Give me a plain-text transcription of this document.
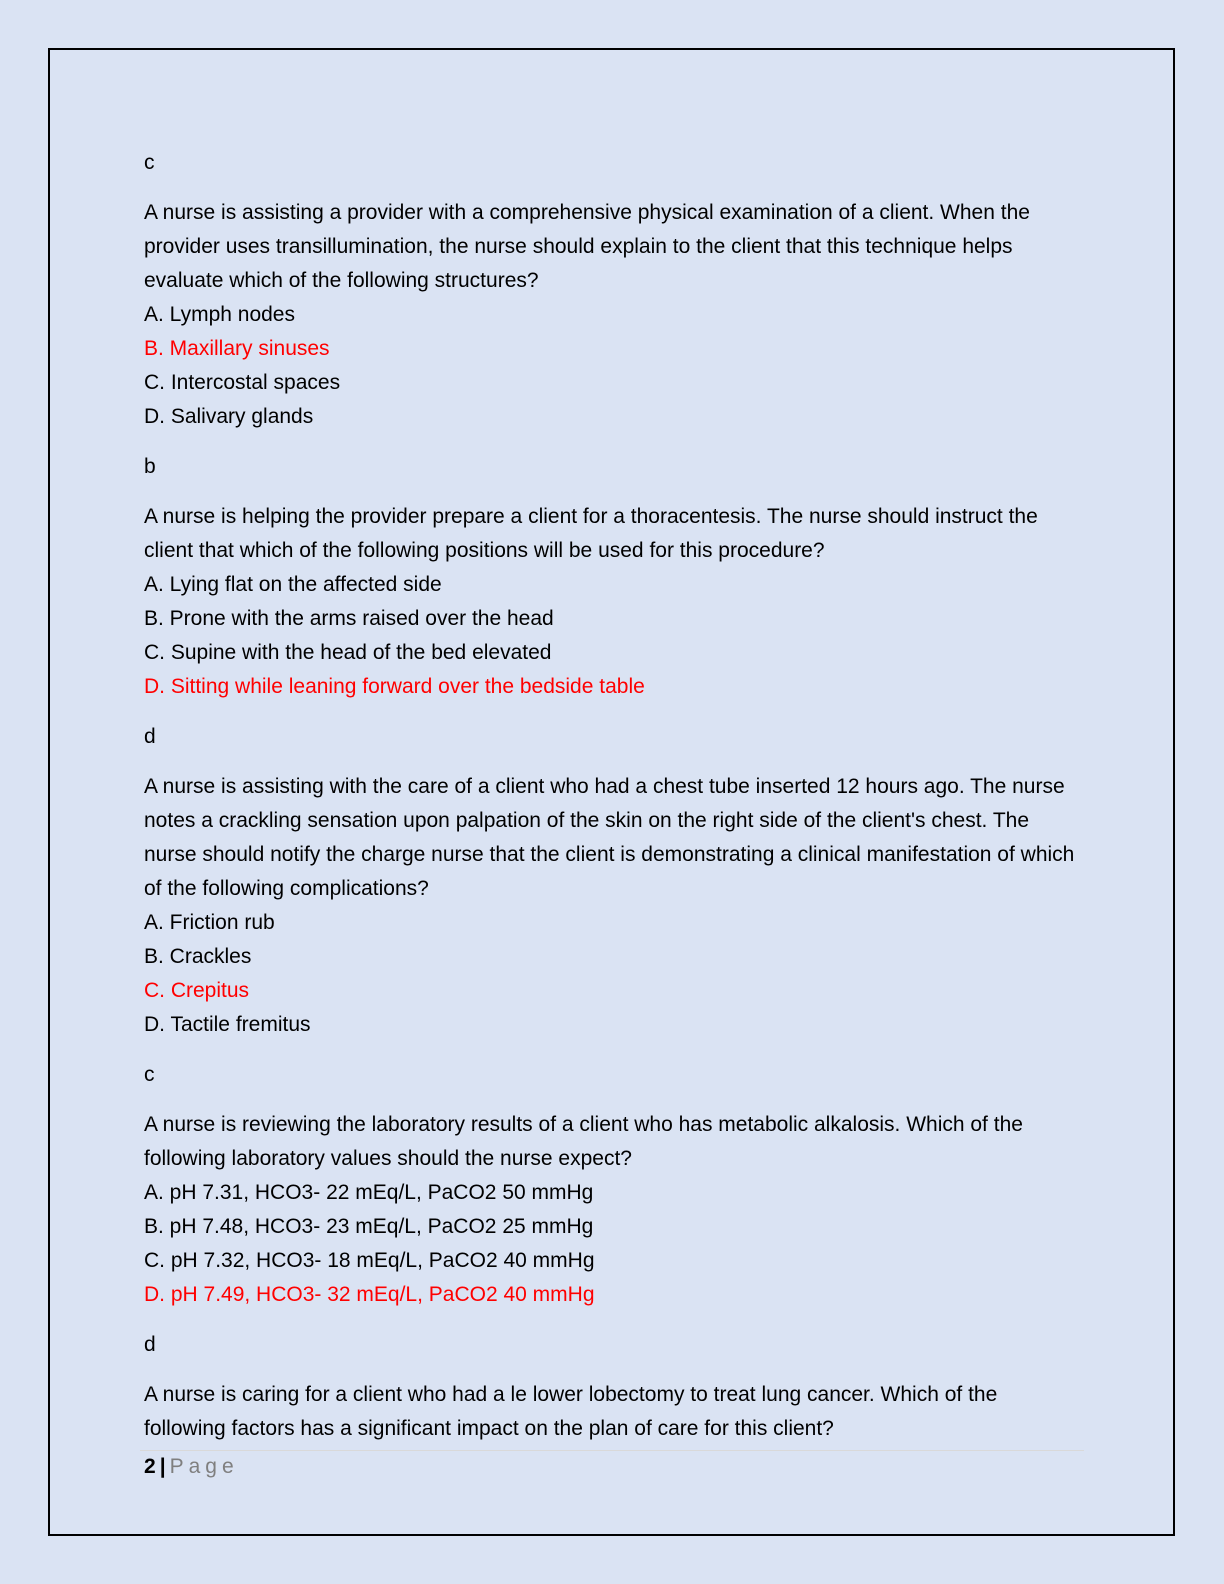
c

A nurse is assisting a provider with a comprehensive physical examination of a client. When the provider uses transillumination, the nurse should explain to the client that this technique helps evaluate which of the following structures?

A. Lymph nodes

B. Maxillary sinuses

C. Intercostal spaces

D. Salivary glands

b

A nurse is helping the provider prepare a client for a thoracentesis. The nurse should instruct the client that which of the following positions will be used for this procedure?

A. Lying flat on the affected side

B. Prone with the arms raised over the head

C. Supine with the head of the bed elevated

D. Sitting while leaning forward over the bedside table

d

A nurse is assisting with the care of a client who had a chest tube inserted 12 hours ago. The nurse notes a crackling sensation upon palpation of the skin on the right side of the client's chest. The nurse should notify the charge nurse that the client is demonstrating a clinical manifestation of which of the following complications?

A. Friction rub

B. Crackles

C. Crepitus

D. Tactile fremitus

c

A nurse is reviewing the laboratory results of a client who has metabolic alkalosis. Which of the following laboratory values should the nurse expect?

A. pH 7.31, HCO3- 22 mEq/L, PaCO2 50 mmHg

B. pH 7.48, HCO3- 23 mEq/L, PaCO2 25 mmHg

C. pH 7.32, HCO3- 18 mEq/L, PaCO2 40 mmHg

D. pH 7.49, HCO3- 32 mEq/L, PaCO2 40 mmHg

d

A nurse is caring for a client who had a le lower lobectomy to treat lung cancer. Which of the following factors has a significant impact on the plan of care for this client?

2 | Page
